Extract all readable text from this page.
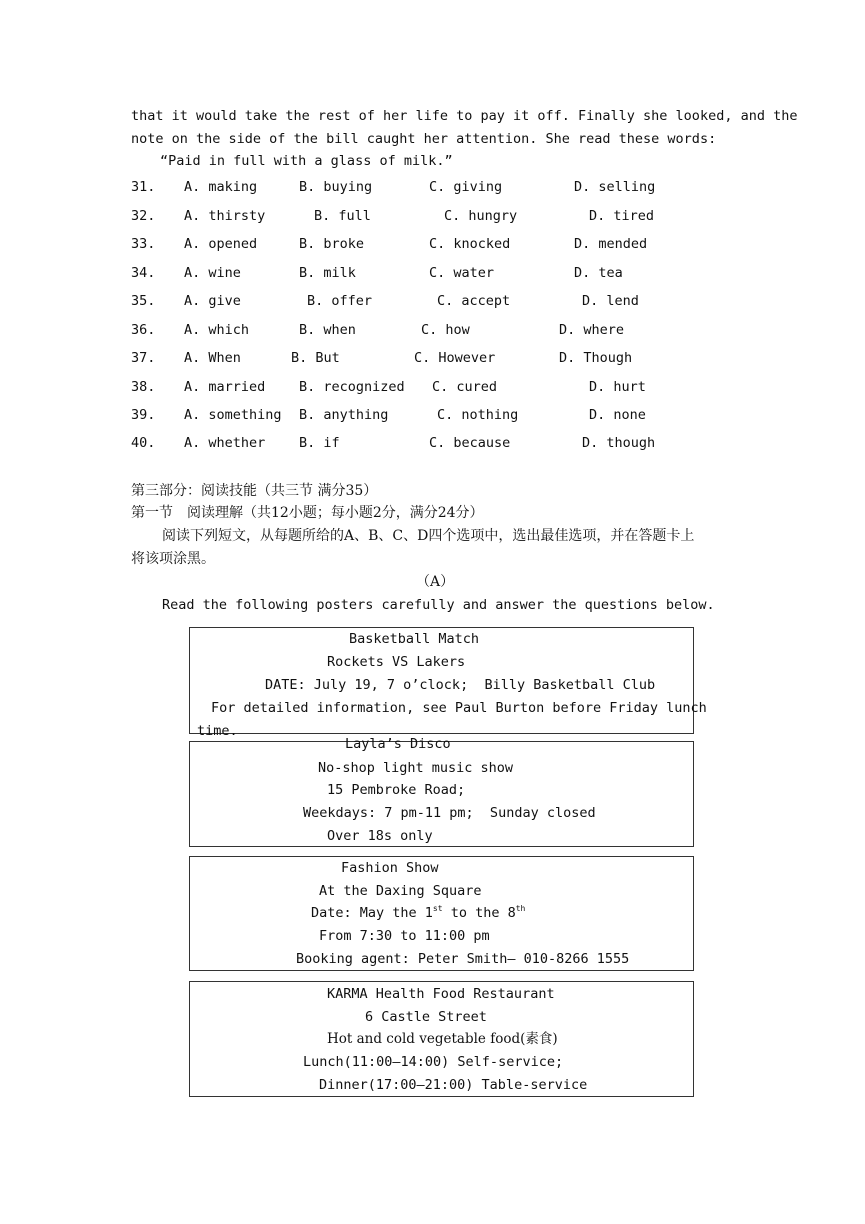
that it would take the rest of her life to pay it off. Finally she looked, and the
note on the side of the bill caught her attention. She read these words:
“Paid in full with a glass of milk.”
31. A. making	B. buying	C. giving	D. selling
32. A. thirsty	B. full	C. hungry	D. tired
33. A. opened	B. broke	C. knocked	D. mended
34. A. wine	B. milk	C. water	D. tea
35. A. give	B. offer	C. accept	D. lend
36. A. which	B. when	C. how	D. where
37. A. When	B. But	C. However	D. Though
38. A. married B. recognized C. cured	D. hurt
39. A. something B. anything	C. nothing	D. none
40. A. whether B. if	C. because	D. though
第三部分：阅读技能（共三节 满分35）
第一节　阅读理解（共12小题；每小题2分，满分24分）
阅读下列短文，从每题所给的A、B、C、D四个选项中，选出最佳选项，并在答题卡上
将该项涂黑。
（A）
Read the following posters carefully and answer the questions below.
Basketball Match
Rockets VS Lakers
DATE: July 19, 7 o’clock;  Billy Basketball Club
For detailed information, see Paul Burton before Friday lunch
time.
Layla’s Disco
No-shop light music show
15 Pembroke Road;
Weekdays: 7 pm-11 pm;  Sunday closed
Over 18s only
Fashion Show
At the Daxing Square
Date: May the 1st to the 8th
From 7:30 to 11:00 pm
Booking agent: Peter Smith— 010-8266 1555
KARMA Health Food Restaurant
6 Castle Street
Hot and cold vegetable food(素食)
Lunch(11:00—14:00) Self-service;
Dinner(17:00—21:00) Table-service
